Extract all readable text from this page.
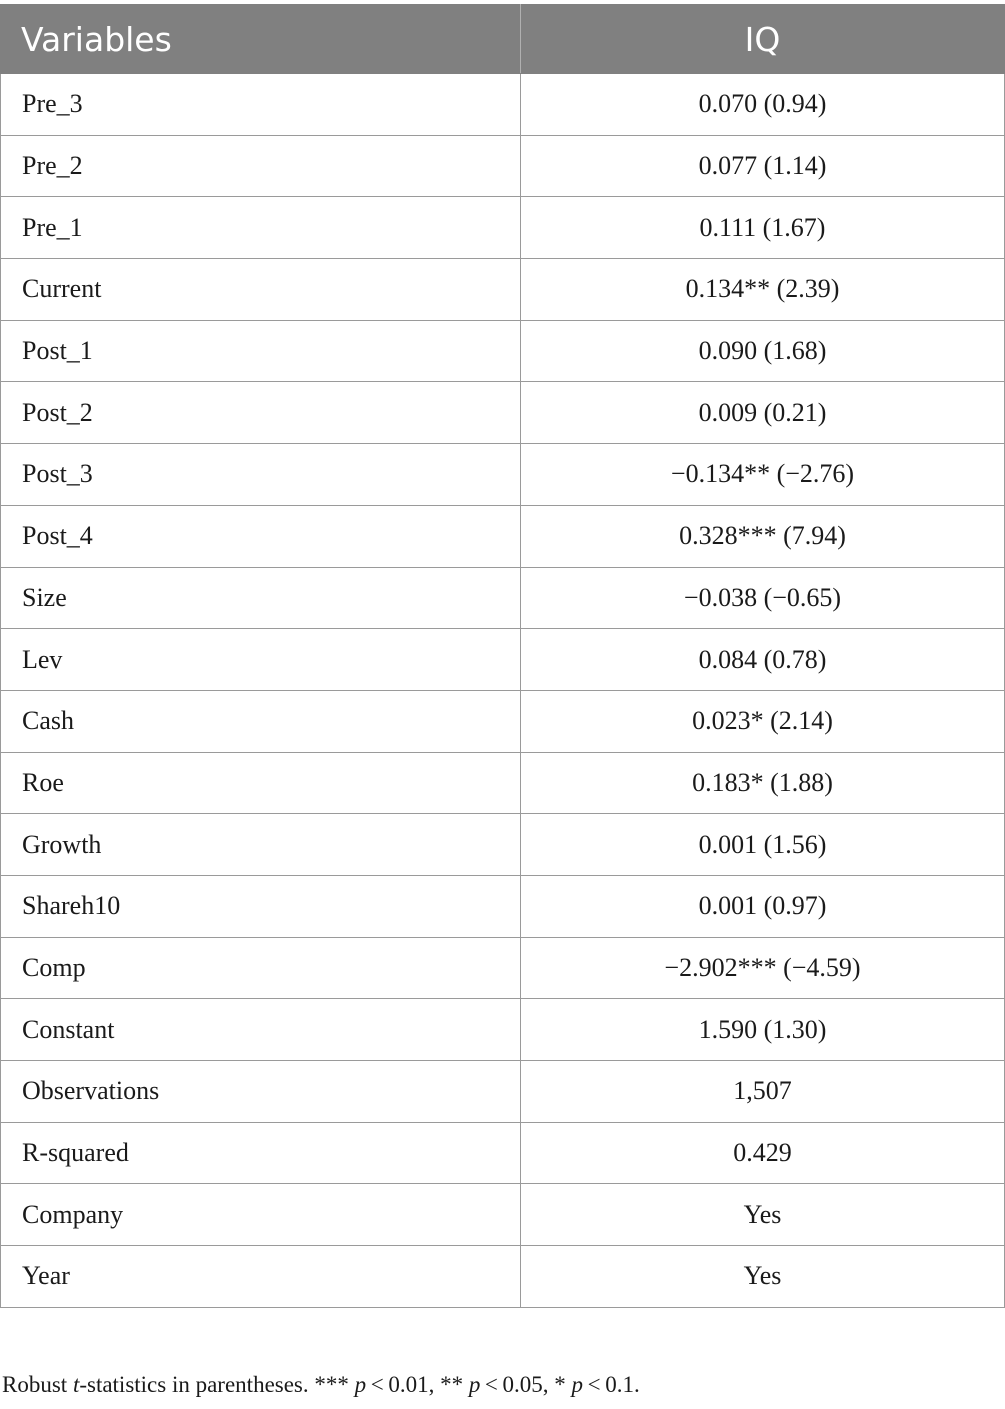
Variables	IQ
Pre_3	0.070 (0.94)
Pre_2	0.077 (1.14)
Pre_1	0.111 (1.67)
Current	0.134** (2.39)
Post_1	0.090 (1.68)
Post_2	0.009 (0.21)
Post_3	−0.134** (−2.76)
Post_4	0.328*** (7.94)
Size	−0.038 (−0.65)
Lev	0.084 (0.78)
Cash	0.023* (2.14)
Roe	0.183* (1.88)
Growth	0.001 (1.56)
Shareh10	0.001 (0.97)
Comp	−2.902*** (−4.59)
Constant	1.590 (1.30)
Observations	1,507
R-squared	0.429
Company	Yes
Year	Yes
Robust t-statistics in parentheses. *** p < 0.01, ** p < 0.05, * p < 0.1.
